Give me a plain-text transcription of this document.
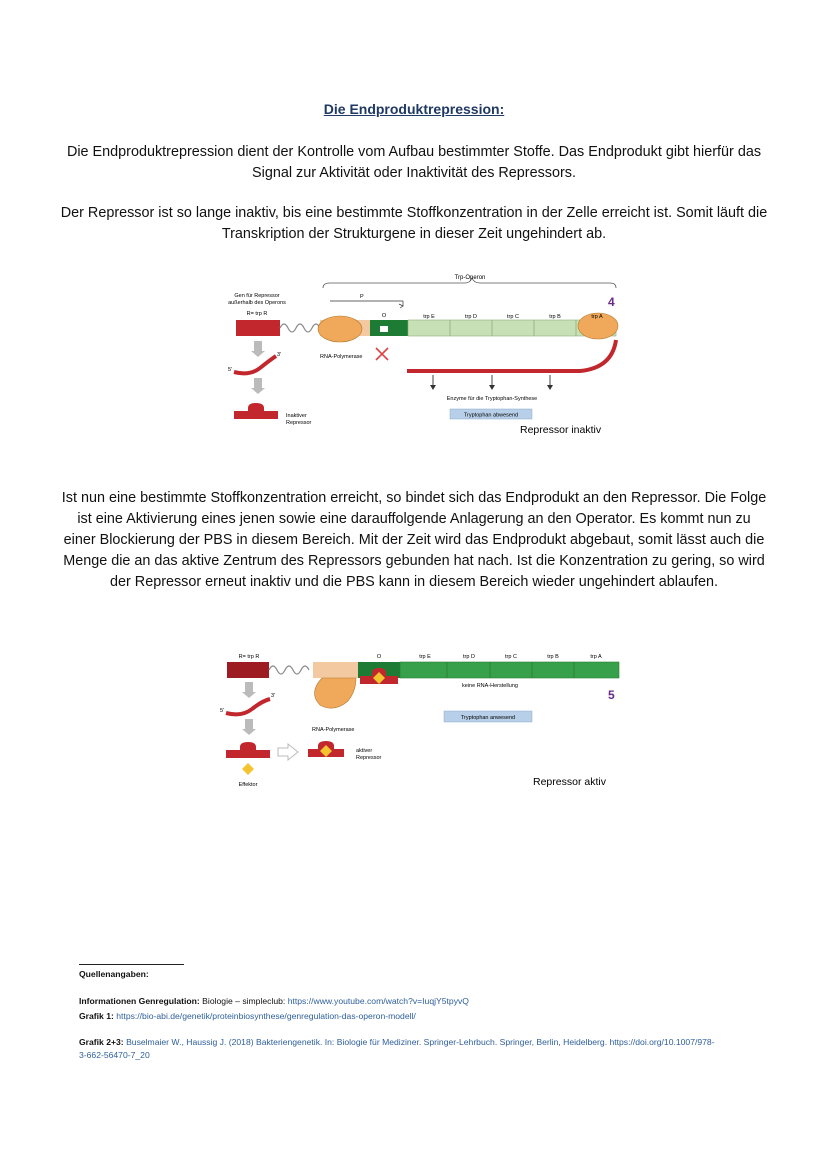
Die Endproduktrepression:
Die Endproduktrepression dient der Kontrolle vom Aufbau bestimmter Stoffe. Das Endprodukt gibt hierfür das Signal zur Aktivität oder Inaktivität des Repressors.
Der Repressor ist so lange inaktiv, bis eine bestimmte Stoffkonzentration in der Zelle erreicht ist. Somit läuft die Transkription der Strukturgene in dieser Zeit ungehindert ab.
Trp-Operon
Gen für Repressor
außerhalb des Operons
R= trp R
P
O	trp E	trp D	trp C	trp B	trp A
4
RNA-Polymerase
Enzyme für die Tryptophan-Synthese
Tryptophan abwesend
3'
5'
Inaktiver
Repressor
Repressor inaktiv
Ist nun eine bestimmte Stoffkonzentration erreicht, so bindet sich das Endprodukt an den Repressor. Die Folge ist eine Aktivierung eines jenen sowie eine darauffolgende Anlagerung an den Operator. Es kommt nun zu einer Blockierung der PBS in diesem Bereich. Mit der Zeit wird das Endprodukt abgebaut, somit lässt auch die Menge die an das aktive Zentrum des Repressors gebunden hat nach. Ist die Konzentration zu gering, so wird der Repressor erneut inaktiv und die PBS kann in diesem Bereich wieder ungehindert ablaufen.
R= trp R	O	trp E	trp D	trp C	trp B	trp A
RNA-Polymerase
keine RNA-Herstellung
5
Tryptophan anwesend
3'
5'
Effektor
aktiver
Repressor
Repressor aktiv
Quellenangaben:
Informationen Genregulation: Biologie – simpleclub: https://www.youtube.com/watch?v=IuqjY5tpyvQ
Grafik 1: https://bio-abi.de/genetik/proteinbiosynthese/genregulation-das-operon-modell/
Grafik 2+3: Buselmaier W., Haussig J. (2018) Bakteriengenetik. In: Biologie für Mediziner. Springer-Lehrbuch. Springer, Berlin, Heidelberg. https://doi.org/10.1007/978-3-662-56470-7_20
